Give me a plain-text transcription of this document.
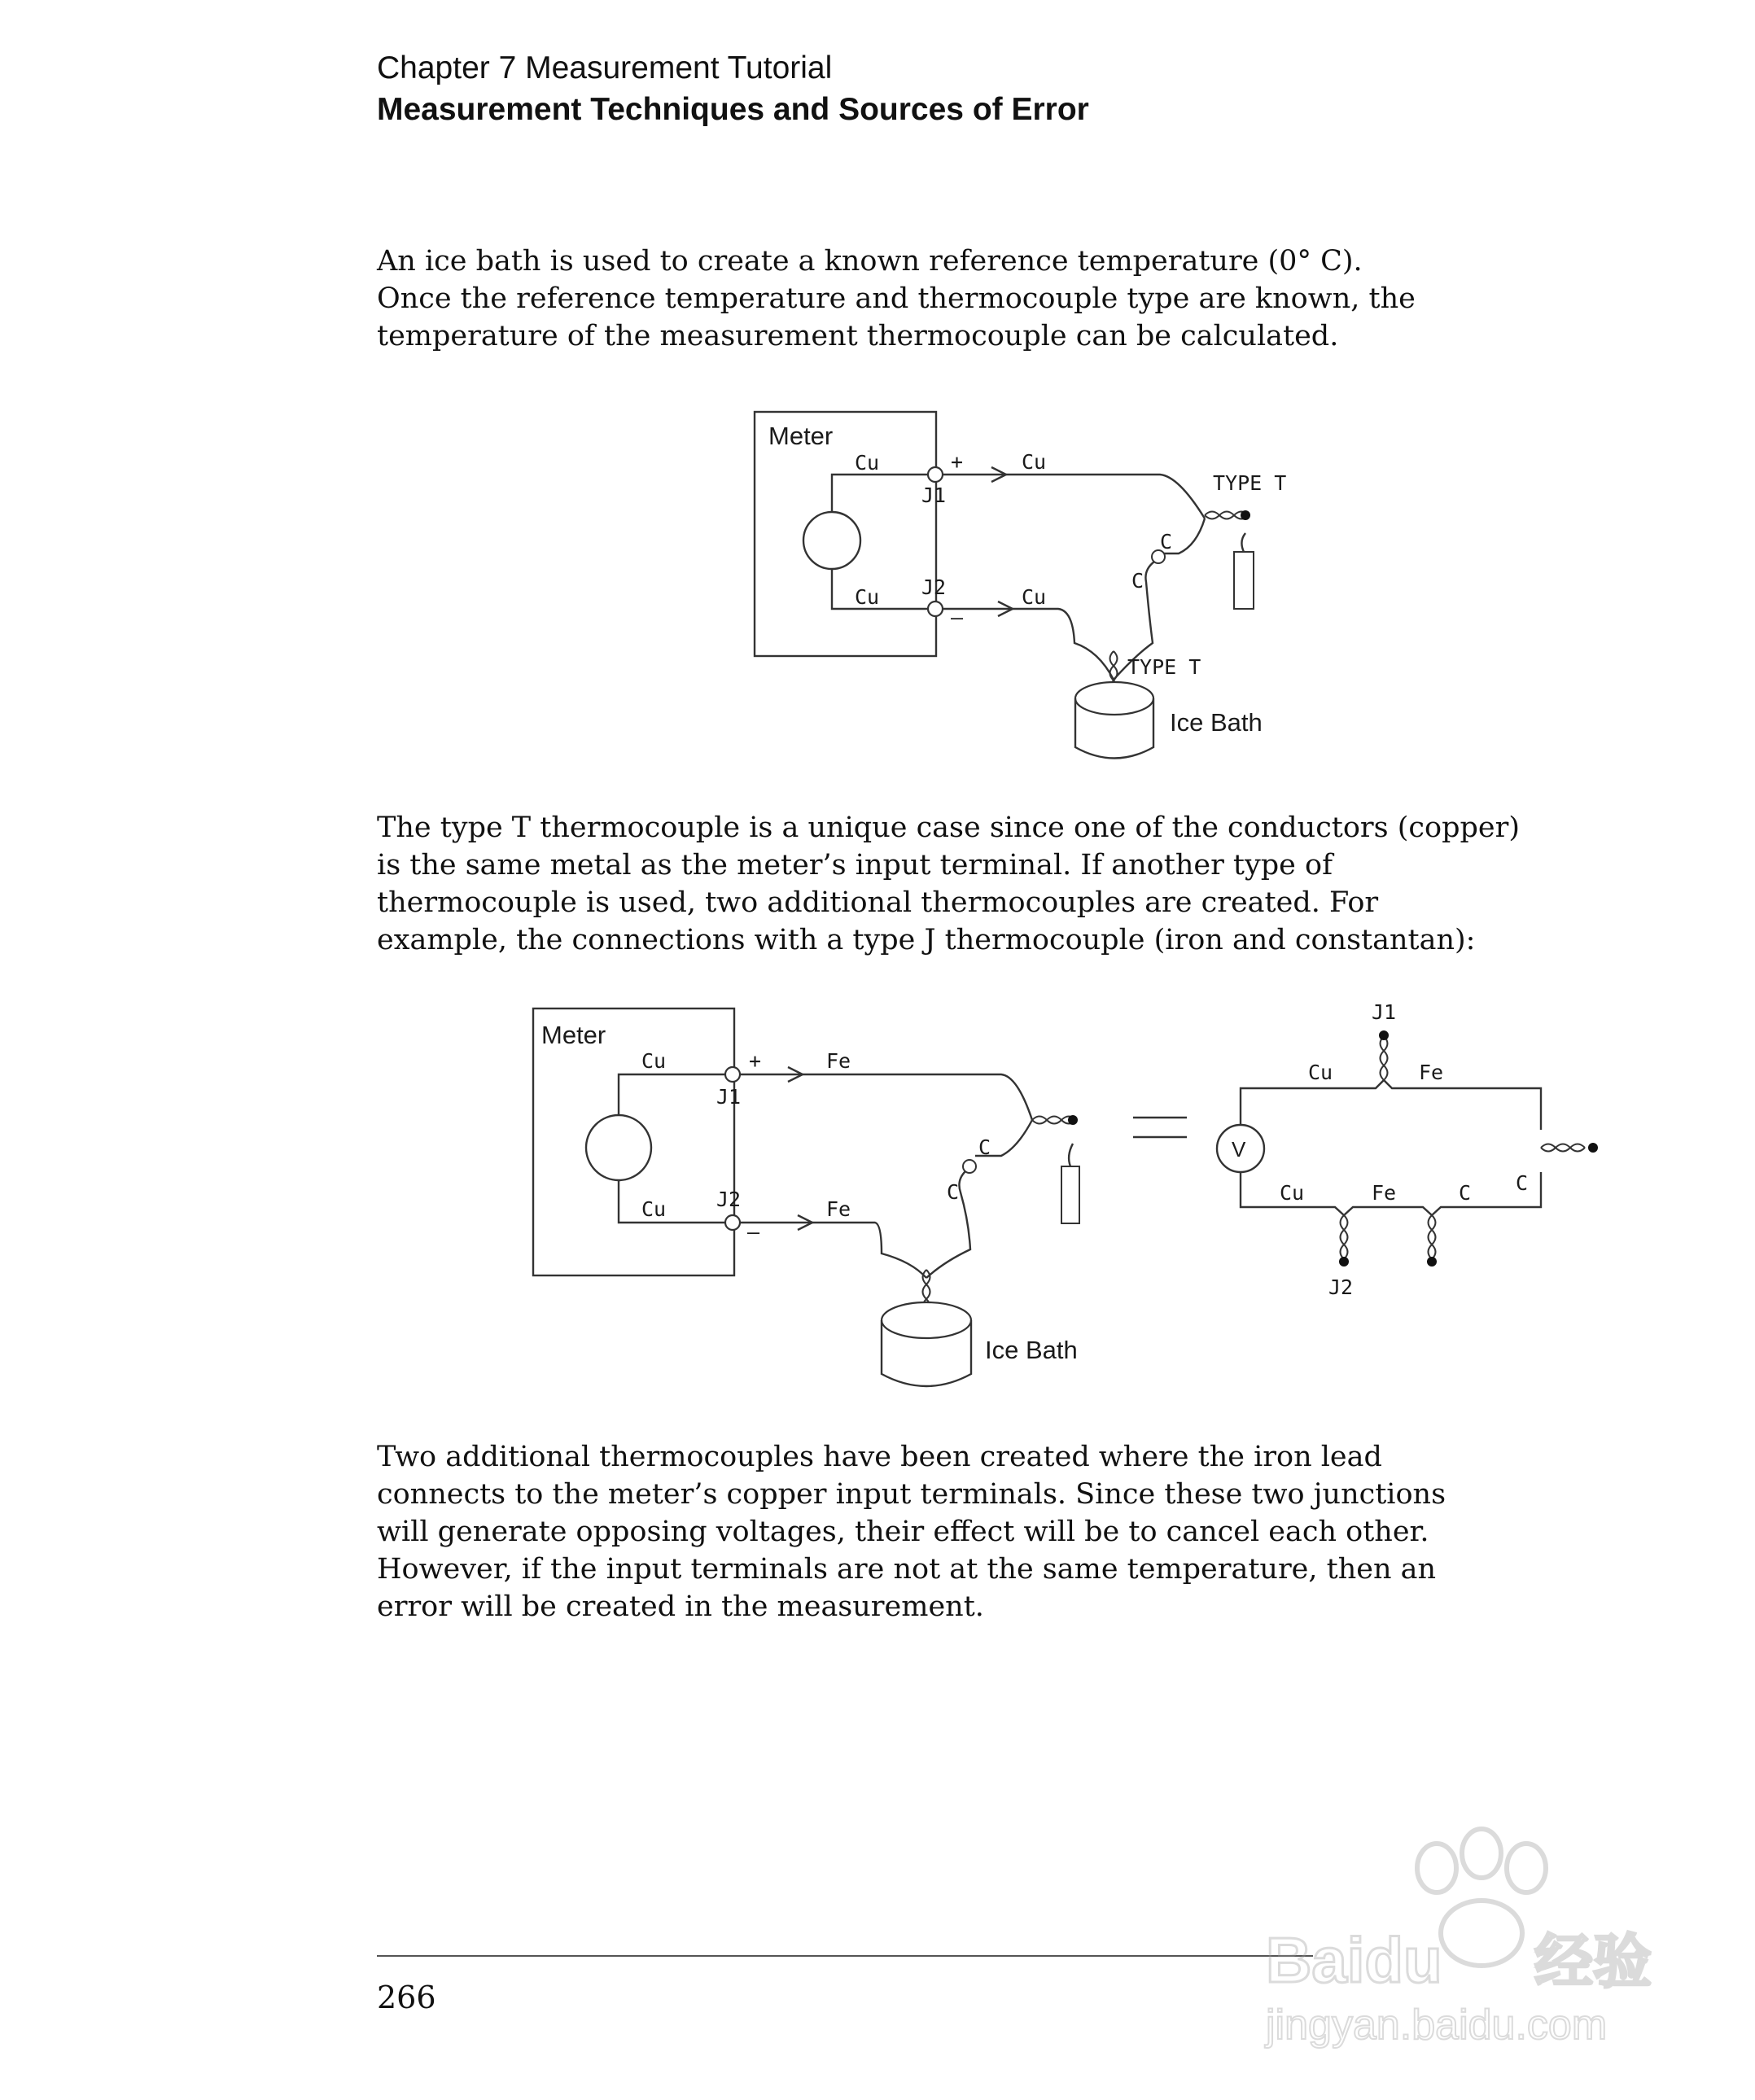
Chapter 7 Measurement Tutorial
Measurement Techniques and Sources of Error
An ice bath is used to create a known reference temperature (0° C).
Once the reference temperature and thermocouple type are known, the
temperature of the measurement thermocouple can be calculated.
The type T thermocouple is a unique case since one of the conductors (copper)
is the same metal as the meter’s input terminal. If another type of
thermocouple is used, two additional thermocouples are created. For
example, the connections with a type J thermocouple (iron and constantan):
Two additional thermocouples have been created where the iron lead
connects to the meter’s copper input terminals. Since these two junctions
will generate opposing voltages, their effect will be to cancel each other.
However, if the input terminals are not at the same temperature, then an
error will be created in the measurement.
Meter
Cu	+
J1
Cu J2
–
Cu
Cu
C
C
TYPE T
TYPE T
Ice Bath
Meter
Cu	+
J1
Cu J2
–
Fe
Fe
C
C
Ice Bath
V
J1
Cu	Fe
C
Cu	Fe	C
J2
266
Baidu 经验
jingyan.baidu.com
